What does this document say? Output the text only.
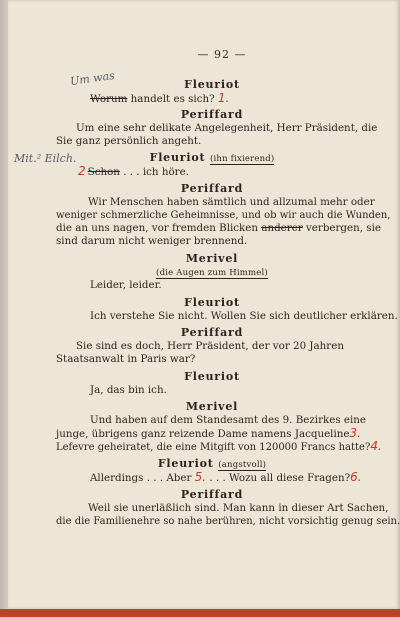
Um was
Mit.² Eilch.
— 92 —
Fleuriot
Worum handelt es sich? 1.
Periffard
Um eine sehr delikate Angelegenheit, Herr Präsident, die
Sie ganz persönlich angeht.
Fleuriot (ihn fixierend)
2 Schon . . . ich höre.
Periffard
Wir Menschen haben sämtlich und allzumal mehr oder
weniger schmerzliche Geheimnisse, und ob wir auch die Wunden,
die an uns nagen, vor fremden Blicken anderer verbergen, sie
sind darum nicht weniger brennend.
Merivel
(die Augen zum Himmel)
Leider, leider.
Fleuriot
Ich verstehe Sie nicht. Wollen Sie sich deutlicher erklären.
Periffard
Sie sind es doch, Herr Präsident, der vor 20 Jahren
Staatsanwalt in Paris war?
Fleuriot
Ja, das bin ich.
Merivel
Und haben auf dem Standesamt des 9. Bezirkes eine
junge, übrigens ganz reizende Dame namens Jacqueline3.
Lefevre geheiratet, die eine Mitgift von 120000 Francs hatte?4.
Fleuriot (angstvoll)
Allerdings . . . Aber 5. . . . Wozu all diese Fragen?6.
Periffard
Weil sie unerläßlich sind. Man kann in dieser Art Sachen,
die die Familienehre so nahe berühren, nicht vorsichtig genug sein.
